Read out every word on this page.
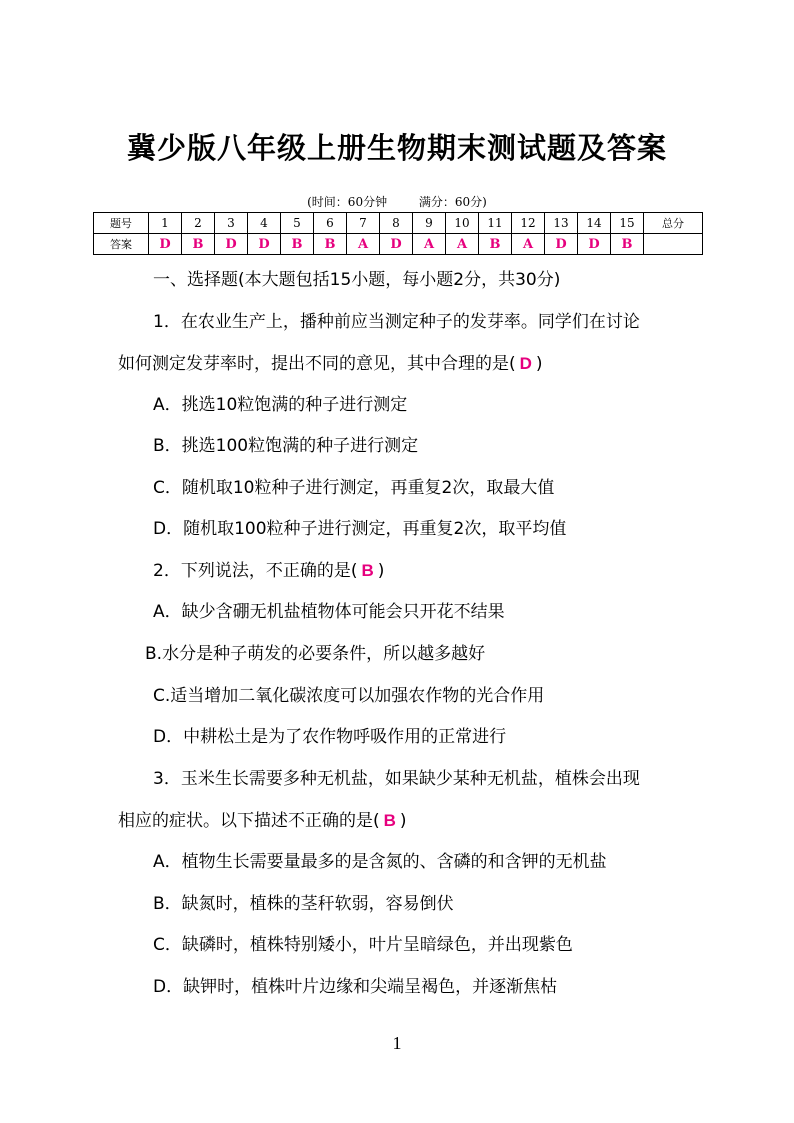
冀少版八年级上册生物期末测试题及答案
(时间：60分钟	满分：60分)
题号	1	2	3	4	5	6	7	8	9	10	11	12	13	14	15	总分
答案	D	B	D	D	B	B	A	D	A	A	B	A	D	D	B	
一、选择题(本大题包括15小题，每小题2分，共30分)
1．在农业生产上，播种前应当测定种子的发芽率。同学们在讨论
如何测定发芽率时，提出不同的意见，其中合理的是( D )
A．挑选10粒饱满的种子进行测定
B．挑选100粒饱满的种子进行测定
C．随机取10粒种子进行测定，再重复2次，取最大值
D．随机取100粒种子进行测定，再重复2次，取平均值
2．下列说法，不正确的是( B )
A．缺少含硼无机盐植物体可能会只开花不结果
B.水分是种子萌发的必要条件，所以越多越好
C.适当增加二氧化碳浓度可以加强农作物的光合作用
D．中耕松土是为了农作物呼吸作用的正常进行
3．玉米生长需要多种无机盐，如果缺少某种无机盐，植株会出现
相应的症状。以下描述不正确的是( B )
A．植物生长需要量最多的是含氮的、含磷的和含钾的无机盐
B．缺氮时，植株的茎秆软弱，容易倒伏
C．缺磷时，植株特别矮小，叶片呈暗绿色，并出现紫色
D．缺钾时，植株叶片边缘和尖端呈褐色，并逐渐焦枯
1
